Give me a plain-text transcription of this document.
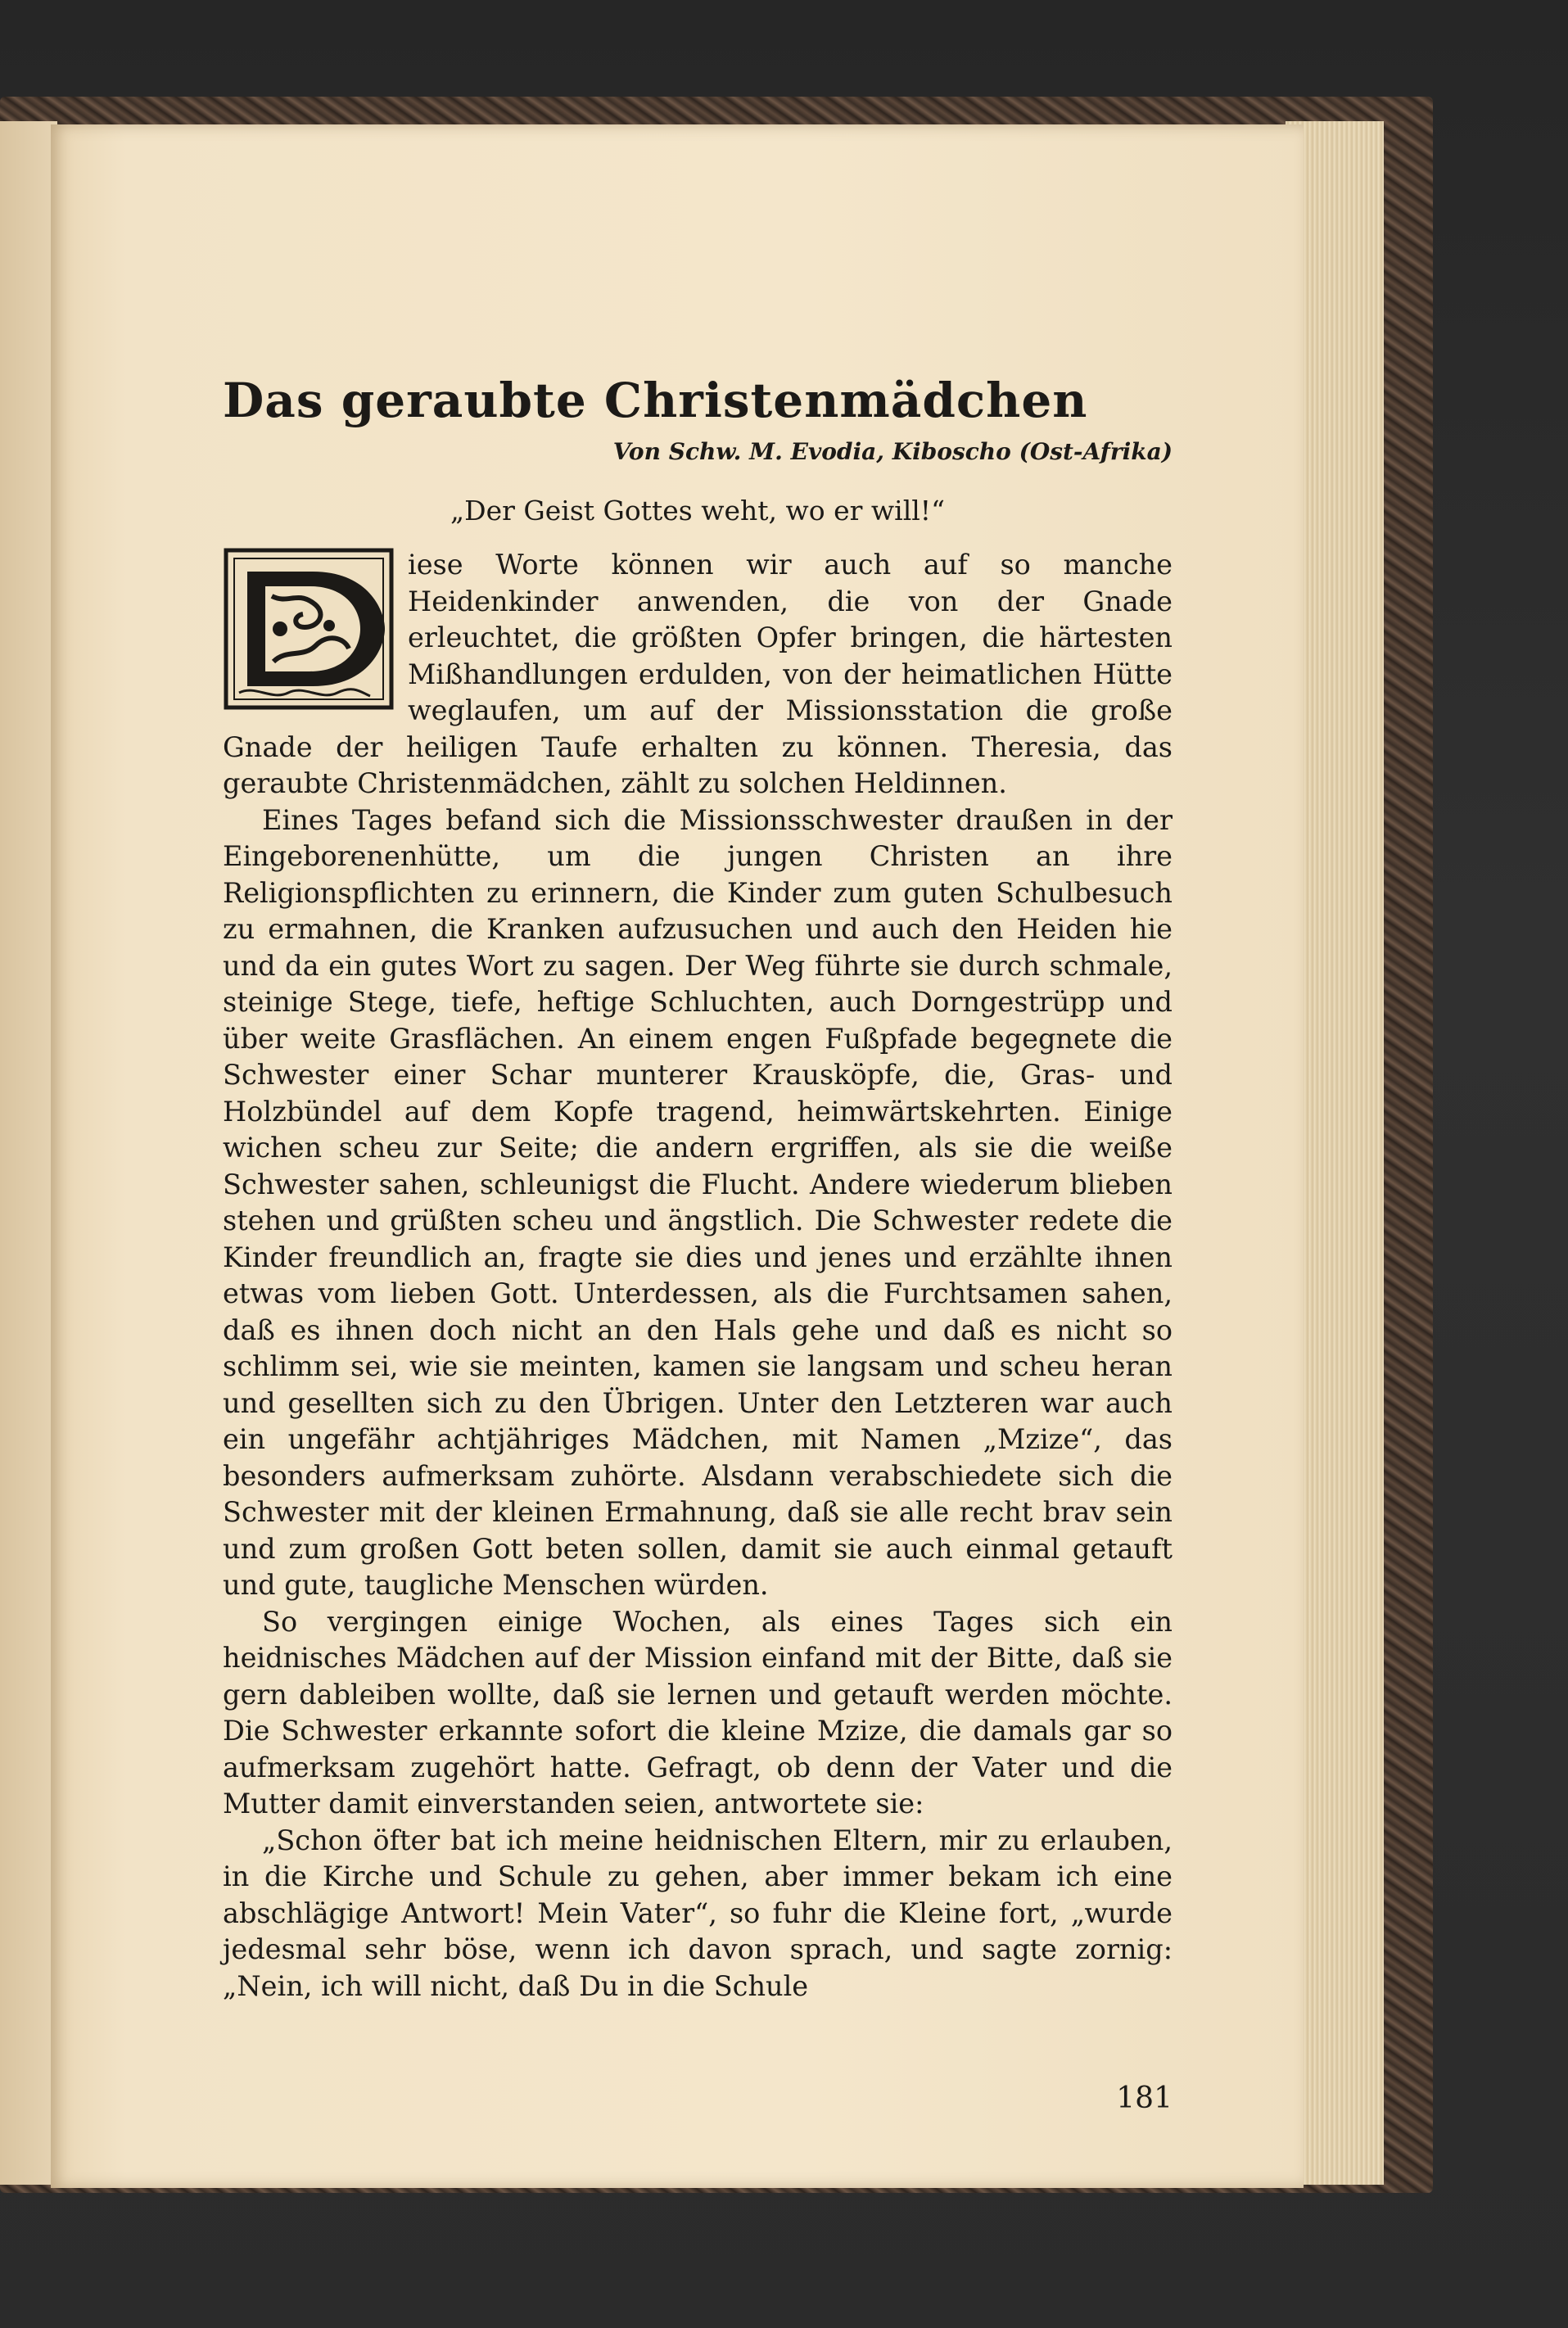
Das geraubte Christenmädchen
Von Schw. M. Evodia, Kiboscho (Ost-Afrika)
„Der Geist Gottes weht, wo er will!“

iese Worte können wir auch auf so manche Heidenkinder anwenden, die von der Gnade erleuchtet, die größten Opfer bringen, die härtesten Mißhandlungen erdulden, von der heimatlichen Hütte weglaufen, um auf der Missionsstation die große Gnade der heiligen Taufe erhalten zu können. Theresia, das geraubte Christenmädchen, zählt zu solchen Heldinnen.

Eines Tages befand sich die Missionsschwester draußen in der Eingeborenenhütte, um die jungen Christen an ihre Religionspflichten zu erinnern, die Kinder zum guten Schulbesuch zu ermahnen, die Kranken aufzusuchen und auch den Heiden hie und da ein gutes Wort zu sagen. Der Weg führte sie durch schmale, steinige Stege, tiefe, heftige Schluchten, auch Dorngestrüpp und über weite Grasflächen. An einem engen Fußpfade begegnete die Schwester einer Schar munterer Krausköpfe, die, Gras- und Holzbündel auf dem Kopfe tragend, heimwärtskehrten. Einige wichen scheu zur Seite; die andern ergriffen, als sie die weiße Schwester sahen, schleunigst die Flucht. Andere wiederum blieben stehen und grüßten scheu und ängstlich. Die Schwester redete die Kinder freundlich an, fragte sie dies und jenes und erzählte ihnen etwas vom lieben Gott. Unterdessen, als die Furchtsamen sahen, daß es ihnen doch nicht an den Hals gehe und daß es nicht so schlimm sei, wie sie meinten, kamen sie langsam und scheu heran und gesellten sich zu den Übrigen. Unter den Letzteren war auch ein ungefähr achtjähriges Mädchen, mit Namen „Mzize“, das besonders aufmerksam zuhörte. Alsdann verabschiedete sich die Schwester mit der kleinen Ermahnung, daß sie alle recht brav sein und zum großen Gott beten sollen, damit sie auch einmal getauft und gute, taugliche Menschen würden.

So vergingen einige Wochen, als eines Tages sich ein heidnisches Mädchen auf der Mission einfand mit der Bitte, daß sie gern dableiben wollte, daß sie lernen und getauft werden möchte. Die Schwester erkannte sofort die kleine Mzize, die damals gar so aufmerksam zugehört hatte. Gefragt, ob denn der Vater und die Mutter damit einverstanden seien, antwortete sie:

„Schon öfter bat ich meine heidnischen Eltern, mir zu erlauben, in die Kirche und Schule zu gehen, aber immer bekam ich eine abschlägige Antwort! Mein Vater“, so fuhr die Kleine fort, „wurde jedesmal sehr böse, wenn ich davon sprach, und sagte zornig: „Nein, ich will nicht, daß Du in die Schule

181
